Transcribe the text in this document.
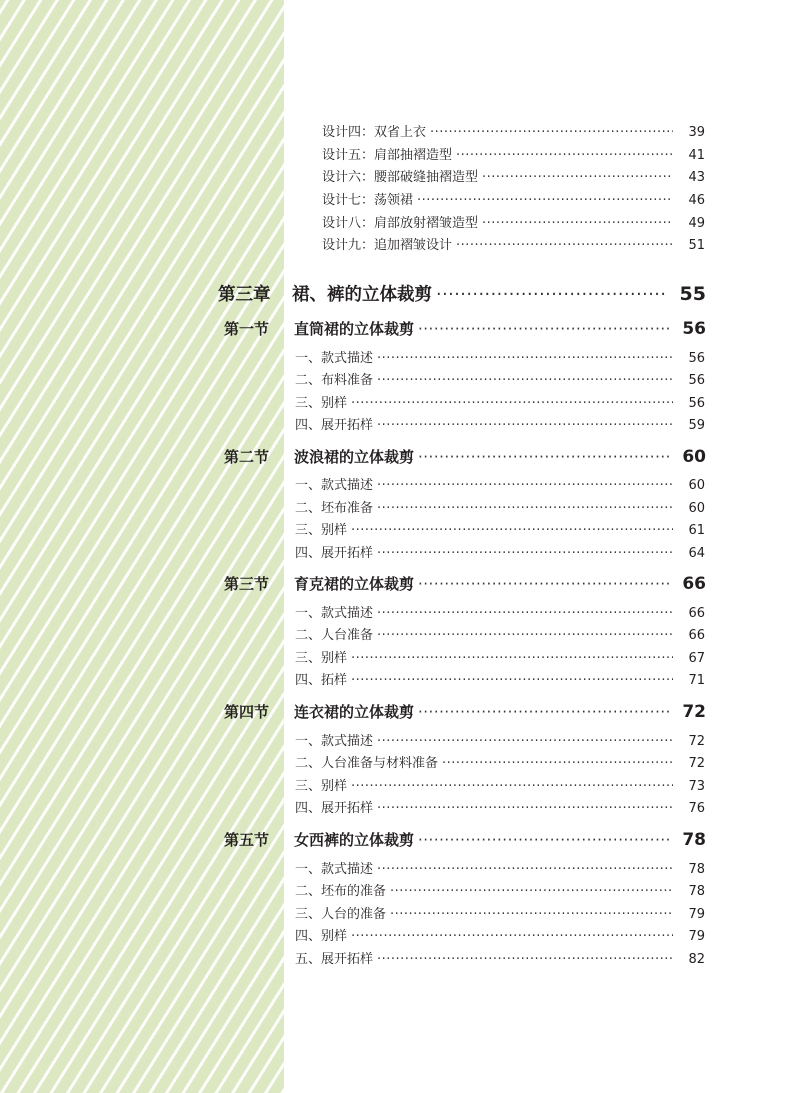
设计四：双省上衣 ·····	39
设计五：肩部抽褶造型 ·····	41
设计六：腰部破缝抽褶造型 ·····	43
设计七：荡领裙 ·····	46
设计八：肩部放射褶皱造型 ·····	49
设计九：追加褶皱设计 ·····	51
第三章 裙、裤的立体裁剪 ·····	55
第一节 直筒裙的立体裁剪 ·····	56
一、款式描述 ·····	56
二、布料准备 ·····	56
三、别样 ·····	56
四、展开拓样 ·····	59
第二节 波浪裙的立体裁剪 ·····	60
一、款式描述 ·····	60
二、坯布准备 ·····	60
三、别样 ·····	61
四、展开拓样 ·····	64
第三节 育克裙的立体裁剪 ·····	66
一、款式描述 ·····	66
二、人台准备 ·····	66
三、别样 ·····	67
四、拓样 ·····	71
第四节 连衣裙的立体裁剪 ·····	72
一、款式描述 ·····	72
二、人台准备与材料准备 ·····	72
三、别样 ·····	73
四、展开拓样 ·····	76
第五节 女西裤的立体裁剪 ·····	78
一、款式描述 ·····	78
二、坯布的准备 ·····	78
三、人台的准备 ·····	79
四、别样 ·····	79
五、展开拓样 ·····	82
